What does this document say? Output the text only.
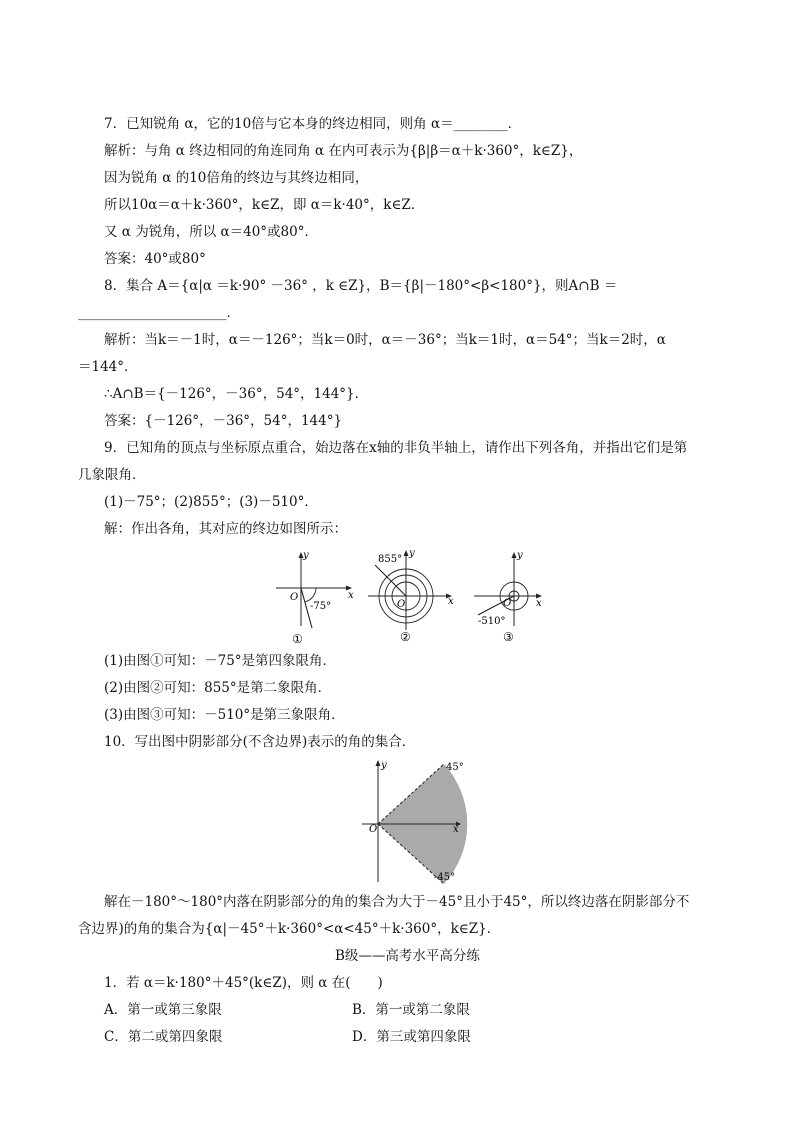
7．已知锐角 α，它的10倍与它本身的终边相同，则角 α＝________．
解析：与角 α 终边相同的角连同角 α 在内可表示为{β|β＝α＋k·360°，k∈Z}，
因为锐角 α 的10倍角的终边与其终边相同，
所以10α＝α＋k·360°，k∈Z，即 α＝k·40°，k∈Z．
又 α 为锐角，所以 α＝40°或80°．
答案：40°或80°
8．集合 A＝{α|α ＝k·90° －36° ，k ∈Z}，B＝{β|－180°<β<180°}，则A∩B ＝
______________________．
解析：当k＝－1时，α＝－126°；当k＝0时，α＝－36°；当k＝1时，α＝54°；当k＝2时，α
＝144°．
∴A∩B＝{－126°，－36°，54°，144°}．
答案：{－126°，－36°，54°，144°}
9．已知角的顶点与坐标原点重合，始边落在x轴的非负半轴上，请作出下列各角，并指出它们是第
几象限角．
(1)－75°；(2)855°；(3)－510°．
解：作出各角，其对应的终边如图所示：
y
x
O
-75°
①
855°
y
x
O
②
-510°
y
x
O
③
(1)由图①可知：－75°是第四象限角．
(2)由图②可知：855°是第二象限角．
(3)由图③可知：－510°是第三象限角．
10．写出图中阴影部分(不含边界)表示的角的集合．
y
x
O
45°
-45°
解在－180°～180°内落在阴影部分的角的集合为大于－45°且小于45°，所以终边落在阴影部分不
含边界)的角的集合为{α|－45°＋k·360°<α<45°＋k·360°，k∈Z}．
B级——高考水平高分练
1．若 α＝k·180°＋45°(k∈Z)，则 α 在(　　)
A．第一或第三象限	B．第一或第二象限
C．第二或第四象限	D．第三或第四象限
